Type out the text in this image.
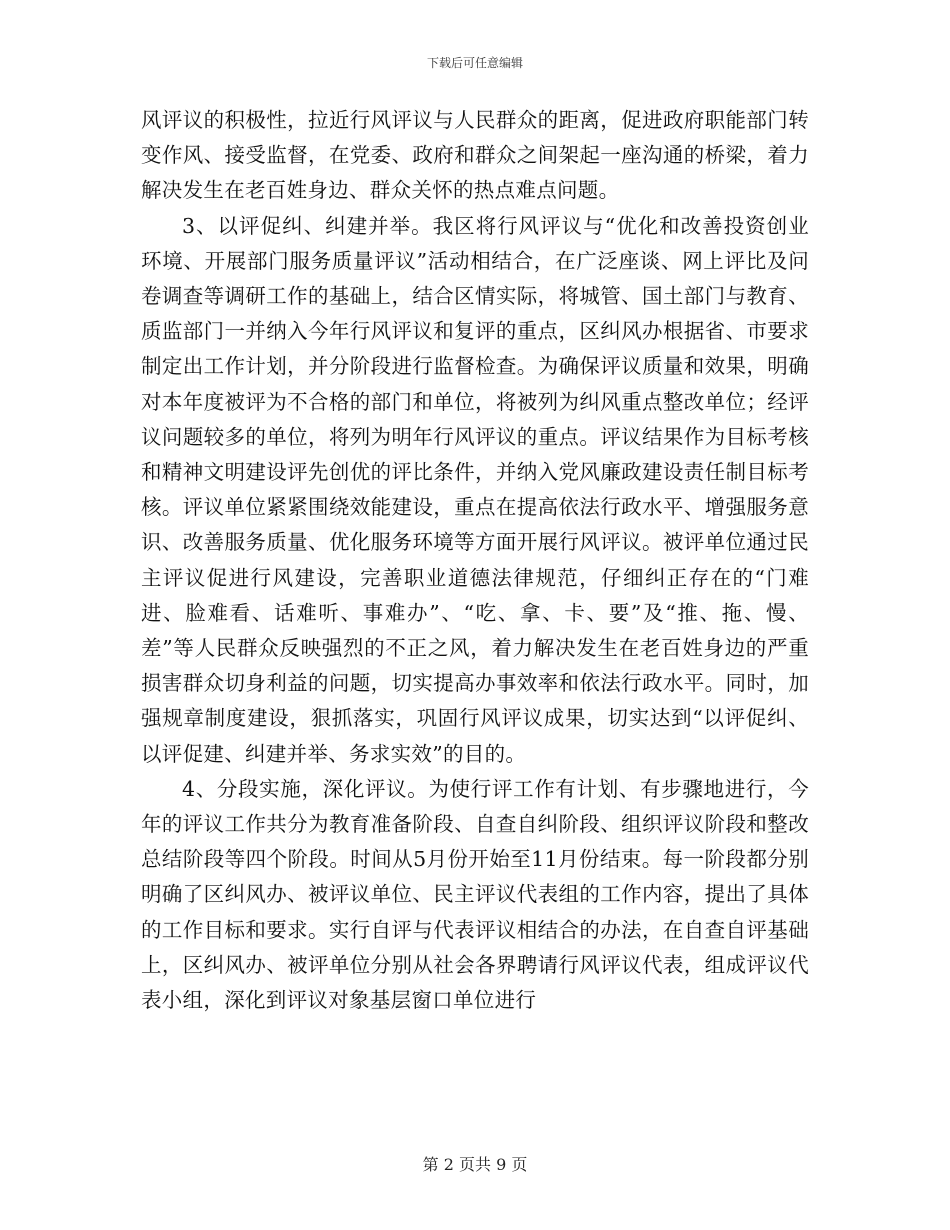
下载后可任意编辑

风评议的积极性，拉近行风评议与人民群众的距离，促进政府职能部门转变作风、接受监督，在党委、政府和群众之间架起一座沟通的桥梁，着力解决发生在老百姓身边、群众关怀的热点难点问题。

3、以评促纠、纠建并举。我区将行风评议与“优化和改善投资创业环境、开展部门服务质量评议”活动相结合，在广泛座谈、网上评比及问卷调查等调研工作的基础上，结合区情实际，将城管、国土部门与教育、质监部门一并纳入今年行风评议和复评的重点，区纠风办根据省、市要求制定出工作计划，并分阶段进行监督检查。为确保评议质量和效果，明确对本年度被评为不合格的部门和单位，将被列为纠风重点整改单位；经评议问题较多的单位，将列为明年行风评议的重点。评议结果作为目标考核和精神文明建设评先创优的评比条件，并纳入党风廉政建设责任制目标考核。评议单位紧紧围绕效能建设，重点在提高依法行政水平、增强服务意识、改善服务质量、优化服务环境等方面开展行风评议。被评单位通过民主评议促进行风建设，完善职业道德法律规范，仔细纠正存在的“门难进、脸难看、话难听、事难办”、“吃、拿、卡、要”及“推、拖、慢、差”等人民群众反映强烈的不正之风，着力解决发生在老百姓身边的严重损害群众切身利益的问题，切实提高办事效率和依法行政水平。同时，加强规章制度建设，狠抓落实，巩固行风评议成果，切实达到“以评促纠、以评促建、纠建并举、务求实效”的目的。

4、分段实施，深化评议。为使行评工作有计划、有步骤地进行，今年的评议工作共分为教育准备阶段、自查自纠阶段、组织评议阶段和整改总结阶段等四个阶段。时间从5月份开始至11月份结束。每一阶段都分别明确了区纠风办、被评议单位、民主评议代表组的工作内容，提出了具体的工作目标和要求。实行自评与代表评议相结合的办法，在自查自评基础上，区纠风办、被评单位分别从社会各界聘请行风评议代表，组成评议代表小组，深化到评议对象基层窗口单位进行

第 2 页共 9 页
